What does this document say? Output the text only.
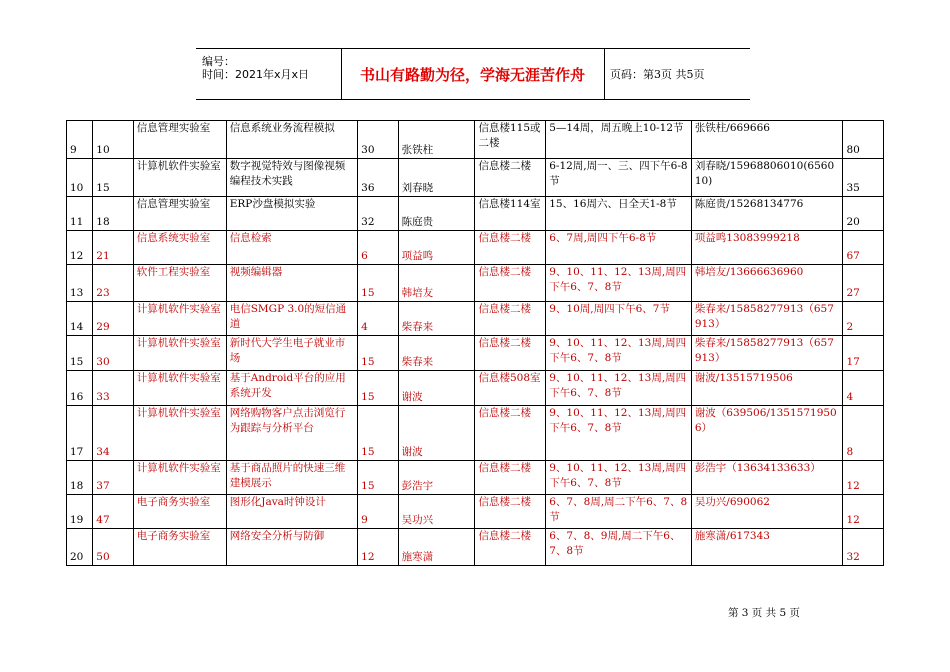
编号：
时间：2021年x月x日	书山有路勤为径，学海无涯苦作舟	页码：第3页 共5页
9	10	信息管理实验室	信息系统业务流程模拟	30	张铁柱	信息楼115或二楼	5—14周，周五晚上10-12节	张铁柱/669666	80
10	15	计算机软件实验室	数字视觉特效与图像视频编程技术实践	36	刘春晓	信息楼二楼	6-12周,周一、三、四下午6-8节	刘春晓/15968806010(656010)	35
11	18	信息管理实验室	ERP沙盘模拟实验	32	陈庭贵	信息楼114室	15、16周六、日全天1-8节	陈庭贵/15268134776	20
12	21	信息系统实验室	信息检索	6	项益鸣	信息楼二楼	6、7周,周四下午6-8节	项益鸣13083999218	67
13	23	软件工程实验室	视频编辑器	15	韩培友	信息楼二楼	9、10、11、12、13周,周四下午6、7、8节	韩培友/13666636960	27
14	29	计算机软件实验室	电信SMGP 3.0的短信通道	4	柴春来	信息楼二楼	9、10周,周四下午6、7节	柴春来/15858277913（657913）	2
15	30	计算机软件实验室	新时代大学生电子就业市场	15	柴春来	信息楼二楼	9、10、11、12、13周,周四下午6、7、8节	柴春来/15858277913（657913）	17
16	33	计算机软件实验室	基于Android平台的应用系统开发	15	谢波	信息楼508室	9、10、11、12、13周,周四下午6、7、8节	谢波/13515719506	4
17	34	计算机软件实验室	网络购物客户点击浏览行为跟踪与分析平台	15	谢波	信息楼二楼	9、10、11、12、13周,周四下午6、7、8节	谢波（639506/13515719506）	8
18	37	计算机软件实验室	基于商品照片的快速三维建模展示	15	彭浩宇	信息楼二楼	9、10、11、12、13周,周四下午6、7、8节	彭浩宇（13634133633）	12
19	47	电子商务实验室	图形化Java时钟设计	9	吴功兴	信息楼二楼	6、7、8周,周二下午6、7、8节	吴功兴/690062	12
20	50	电子商务实验室	网络安全分析与防御	12	施寒潇	信息楼二楼	6、7、8、9周,周二下午6、7、8节	施寒潇/617343	32
第 3 页 共 5 页
